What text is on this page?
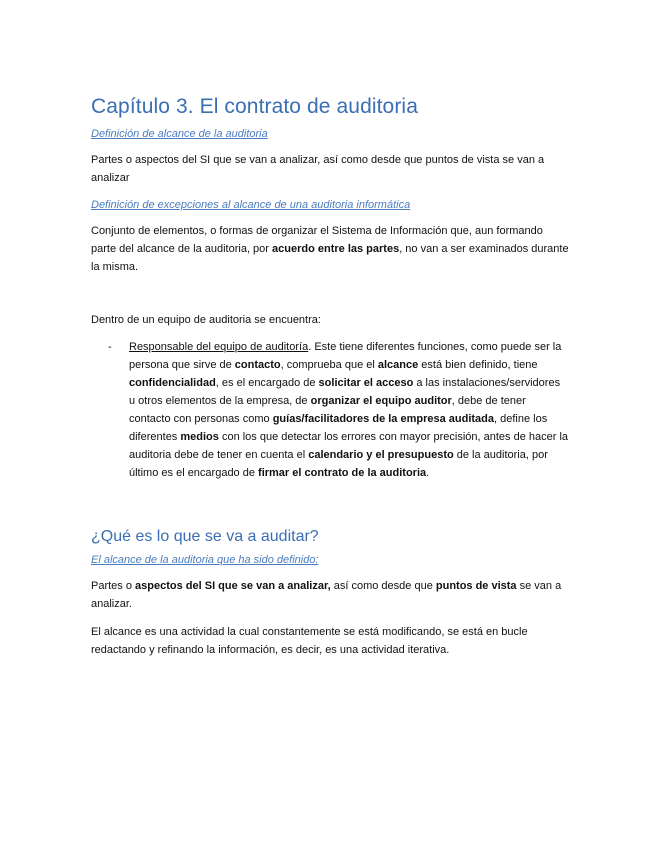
Capítulo 3. El contrato de auditoria
Definición de alcance de la auditoria

Partes o aspectos del SI que se van a analizar, así como desde que puntos de vista se van a analizar

Definición de excepciones al alcance de una auditoria informática

Conjunto de elementos, o formas de organizar el Sistema de Información que, aun formando parte del alcance de la auditoria, por acuerdo entre las partes, no van a ser examinados durante la misma.

Dentro de un equipo de auditoria se encuentra:

- Responsable del equipo de auditoría. Este tiene diferentes funciones, como puede ser la persona que sirve de contacto, comprueba que el alcance está bien definido, tiene confidencialidad, es el encargado de solicitar el acceso a las instalaciones/servidores u otros elementos de la empresa, de organizar el equipo auditor, debe de tener contacto con personas como guías/facilitadores de la empresa auditada, define los diferentes medios con los que detectar los errores con mayor precisión, antes de hacer la auditoria debe de tener en cuenta el calendario y el presupuesto de la auditoria, por último es el encargado de firmar el contrato de la auditoria.
¿Qué es lo que se va a auditar?
El alcance de la auditoria que ha sido definido:

Partes o aspectos del SI que se van a analizar, así como desde que puntos de vista se van a analizar.

El alcance es una actividad la cual constantemente se está modificando, se está en bucle redactando y refinando la información, es decir, es una actividad iterativa.
